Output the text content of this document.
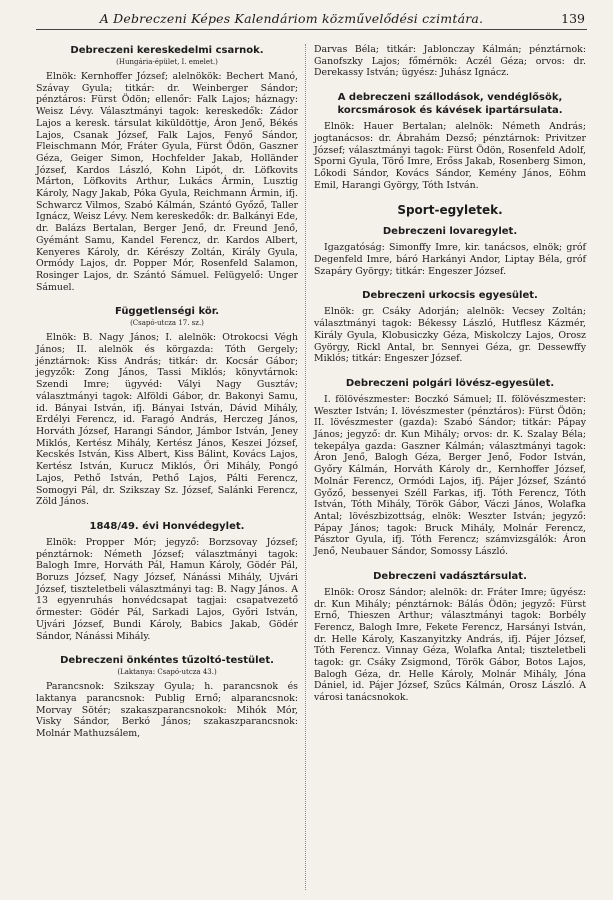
A Debreczeni Képes Kalendáriom közművelődési czimtára.	139

Debreczeni kereskedelmi csarnok.

(Hungária-épület, I. emelet.)

Elnök: Kernhoffer József; alelnökök: Bechert Manó, Szávay Gyula; titkár: dr. Weinberger Sándor; pénztáros: Fürst Ödön; ellenőr: Falk Lajos; háznagy: Weisz Lévy. Választmányi tagok: kereskedők: Zádor Lajos a keresk. társulat kiküldöttje, Áron Jenő, Békés Lajos, Csanak József, Falk Lajos, Fenyő Sándor, Fleischmann Mór, Fráter Gyula, Fürst Ödön, Gaszner Géza, Geiger Simon, Hochfelder Jakab, Holländer József, Kardos László, Kohn Lipót, dr. Löfkovits Márton, Löfkovits Arthur, Lukács Ármin, Lusztig Károly, Nagy Jakab, Póka Gyula, Reichmann Ármin, ifj. Schwarcz Vilmos, Szabó Kálmán, Szántó Győző, Taller Ignácz, Weisz Lévy. Nem kereskedők: dr. Balkányi Ede, dr. Balázs Bertalan, Berger Jenő, dr. Freund Jenő, Gyémánt Samu, Kandel Ferencz, dr. Kardos Albert, Kenyeres Károly, dr. Kérészy Zoltán, Király Gyula, Ormódy Lajos, dr. Popper Mór, Rosenfeld Salamon, Rosinger Lajos, dr. Szántó Sámuel. Felügyelő: Unger Sámuel.

Függetlenségi kör.

(Csapó-utcza 17. sz.)

Elnök: B. Nagy János; I. alelnök: Otrokocsi Végh János; II. alelnök és körgazda: Tóth Gergely; jénztárnok: Kiss András; titkár: dr. Kocsár Gábor; jegyzők: Zong János, Tassi Miklós; könyvtárnok: Szendi Imre; ügyvéd: Vályi Nagy Gusztáv; választmányi tagok: Alföldi Gábor, dr. Bakonyi Samu, id. Bányai István, ifj. Bányai István, Dávid Mihály, Erdélyi Ferencz, id. Faragó András, Herczeg János, Horváth József, Harangi Sándor, Jámbor István, Jeney Miklós, Kertész Mihály, Kertész János, Keszei József, Kecskés István, Kiss Albert, Kiss Bálint, Kovács Lajos, Kertész István, Kurucz Miklós, Őri Mihály, Pongó Lajos, Pethő István, Pethő Lajos, Pálti Ferencz, Somogyi Pál, dr. Szikszay Sz. József, Salánki Ferencz, Zöld János.

1848/49. évi Honvédegylet.

Elnök: Propper Mór; jegyző: Borzsovay József; pénztárnok: Németh József; választmányi tagok: Balogh Imre, Horváth Pál, Hamun Károly, Gödér Pál, Boruzs József, Nagy József, Nánássi Mihály, Ujvári József, tiszteletbeli választmányi tag: B. Nagy János. A 13 egyenruhás honvédcsapat tagjai: csapatvezető őrmester: Gödér Pál, Sarkadi Lajos, Győri István, Ujvári József, Bundi Károly, Babics Jakab, Gödér Sándor, Nánássi Mihály.

Debreczeni önkéntes tűzoltó-testület.

(Laktanya: Csapó-utcza 43.)

Parancsnok: Szikszay Gyula; h. parancsnok és laktanya parancsnok: Publig Ernő; alparancsnok: Morvay Sötér; szakaszparancsnokok: Mihók Mór, Visky Sándor, Berkó János; szakaszparancsnok: Molnár Mathuzsálem,

Darvas Béla; titkár: Jablonczay Kálmán; pénztárnok: Ganofszky Lajos; főmérnök: Aczél Géza; orvos: dr. Derekassy István; ügyész: Juhász Ignácz.

A debreczeni szállodások, vendéglősök, korcsmárosok és kávések ipartársulata.

Elnök: Hauer Bertalan; alelnök: Németh András; jogtanácsos: dr. Ábrahám Dezső; pénztárnok: Privitzer József; választmányi tagok: Fürst Ödön, Rosenfeld Adolf, Sporni Gyula, Törő Imre, Erőss Jakab, Rosenberg Simon, Lőkodi Sándor, Kovács Sándor, Kemény János, Eöhm Emil, Harangi György, Tóth István.

Sport-egyletek.

Debreczeni lovaregylet.

Igazgatóság: Simonffy Imre, kir. tanácsos, elnök; gróf Degenfeld Imre, báró Harkányi Andor, Liptay Béla, gróf Szapáry György; titkár: Engeszer József.

Debreczeni urkocsis egyesület.

Elnök: gr. Csáky Adorján; alelnök: Vecsey Zoltán; választmányi tagok: Békessy László, Hutflesz Kázmér, Király Gyula, Klobusiczky Géza, Miskolczy Lajos, Orosz György, Rickl Antal, br. Sennyei Géza, gr. Dessewffy Miklós; titkár: Engeszer József.

Debreczeni polgári lövész-egyesület.

I. fölövészmester: Boczkó Sámuel; II. fölövészmester: Weszter István; I. lövészmester (pénztáros): Fürst Ödön; II. lövészmester (gazda): Szabó Sándor; titkár: Pápay János; jegyző: dr. Kun Mihály; orvos: dr. K. Szalay Béla; tekepálya gazda: Gaszner Kálmán; választmányi tagok: Áron Jenő, Balogh Géza, Berger Jenő, Fodor István, Győry Kálmán, Horváth Károly dr., Kernhoffer József, Molnár Ferencz, Ormódi Lajos, ifj. Pájer József, Szántó Győző, bessenyei Széll Farkas, ifj. Tóth Ferencz, Tóth István, Tóth Mihály, Török Gábor, Váczi János, Wolafka Antal; lövészbizottság, elnök: Weszter István; jegyző: Pápay János; tagok: Bruck Mihály, Molnár Ferencz, Pásztor Gyula, ifj. Tóth Ferencz; számvizsgálók: Áron Jenő, Neubauer Sándor, Somossy László.

Debreczeni vadásztársulat.

Elnök: Orosz Sándor; alelnök: dr. Fráter Imre; ügyész: dr. Kun Mihály; pénztárnok: Bálás Ödön; jegyző: Fürst Ernő, Thieszen Arthur; választmányi tagok: Borbély Ferencz, Balogh Imre, Fekete Ferencz, Harsányi István, dr. Helle Károly, Kaszanyitzky András, ifj. Pájer József, Tóth Ferencz. Vinnay Géza, Wolafka Antal; tiszteletbeli tagok: gr. Csáky Zsigmond, Török Gábor, Botos Lajos, Balogh Géza, dr. Helle Károly, Molnár Mihály, Jóna Dániel, id. Pájer József, Szűcs Kálmán, Orosz László. A városi tanácsnokok.
